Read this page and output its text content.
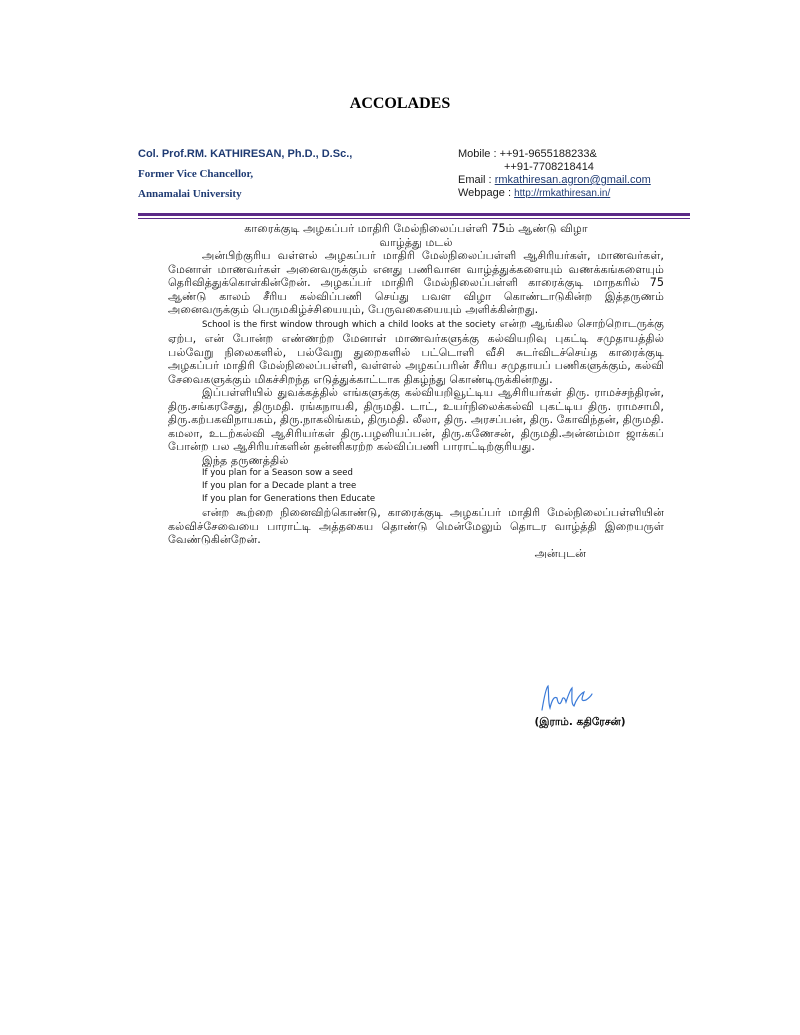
ACCOLADES
Col. Prof.RM. KATHIRESAN, Ph.D., D.Sc.,
Former Vice Chancellor,
Annamalai University
Mobile : ++91-9655188233&
++91-7708218414
Email : rmkathiresan.agron@gmail.com
Webpage : http://rmkathiresan.in/
காரைக்குடி அழகப்பர் மாதிரி மேல்நிலைப்பள்ளி 75ம் ஆண்டு விழா
வாழ்த்து மடல்

அன்பிற்குரிய வள்ளல் அழகப்பர் மாதிரி மேல்நிலைப்பள்ளி ஆசிரியர்கள், மாணவர்கள், மேனாள் மாணவர்கள் அனைவருக்கும் எனது பணிவான வாழ்த்துக்களையும் வணக்கங்களையும் தெரிவித்துக்கொள்கின்றேன். அழகப்பர் மாதிரி மேல்நிலைப்பள்ளி காரைக்குடி மாநகரில் 75 ஆண்டு காலம் சீரிய கல்விப்பணி செய்து பவள விழா கொண்டாடுகின்ற இத்தருணம் அனைவருக்கும் பெருமகிழ்ச்சியையும், பேருவகையையும் அளிக்கின்றது.

School is the first window through which a child looks at the society என்ற ஆங்கில சொற்றொடருக்கு ஏற்ப, என் போன்ற எண்ணற்ற மேனாள் மாணவர்களுக்கு கல்வியறிவு புகட்டி சமுதாயத்தில் பல்வேறு நிலைகளில், பல்வேறு துறைகளில் பட்டொளி வீசி சுடர்விடச்செய்த காரைக்குடி அழகப்பர் மாதிரி மேல்நிலைப்பள்ளி, வள்ளல் அழகப்பரின் சீரிய சமுதாயப் பணிகளுக்கும், கல்வி சேவைகளுக்கும் மிகச்சிறந்த எடுத்துக்காட்டாக திகழ்ந்து கொண்டிருக்கின்றது.

இப்பள்ளியில் துவக்கத்தில் எங்களுக்கு கல்வியறிவூட்டிய ஆசிரியர்கள் திரு. ராமச்சந்திரன், திரு.சங்கரசேது, திருமதி. ரங்கநாயகி, திருமதி. டாட், உயர்நிலைக்கல்வி புகட்டிய திரு. ராமசாமி, திரு.கற்பகவிநாயகம், திரு.நாகலிங்கம், திருமதி. லீலா, திரு. அரசப்பன், திரு. கோவிந்தன், திருமதி. கமலா, உடற்கல்வி ஆசிரியர்கள் திரு.பழனியப்பன், திரு.கணேசன், திருமதி.அன்னம்மா ஜாக்கப் போன்ற பல ஆசிரியர்களின் தன்னிகரற்ற கல்விப்பணி பாராட்டிற்குரியது.

இந்த தருணத்தில்
If you plan for a Season sow a seed
If you plan for a Decade plant a tree
If you plan for Generations then Educate

என்ற கூற்றை நினைவிற்கொண்டு, காரைக்குடி அழகப்பர் மாதிரி மேல்நிலைப்பள்ளியின் கல்விச்சேவையை பாராட்டி அத்தகைய தொண்டு மென்மேலும் தொடர வாழ்த்தி இறையருள் வேண்டுகின்றேன்.

அன்புடன்
(இராம். கதிரேசன்)
